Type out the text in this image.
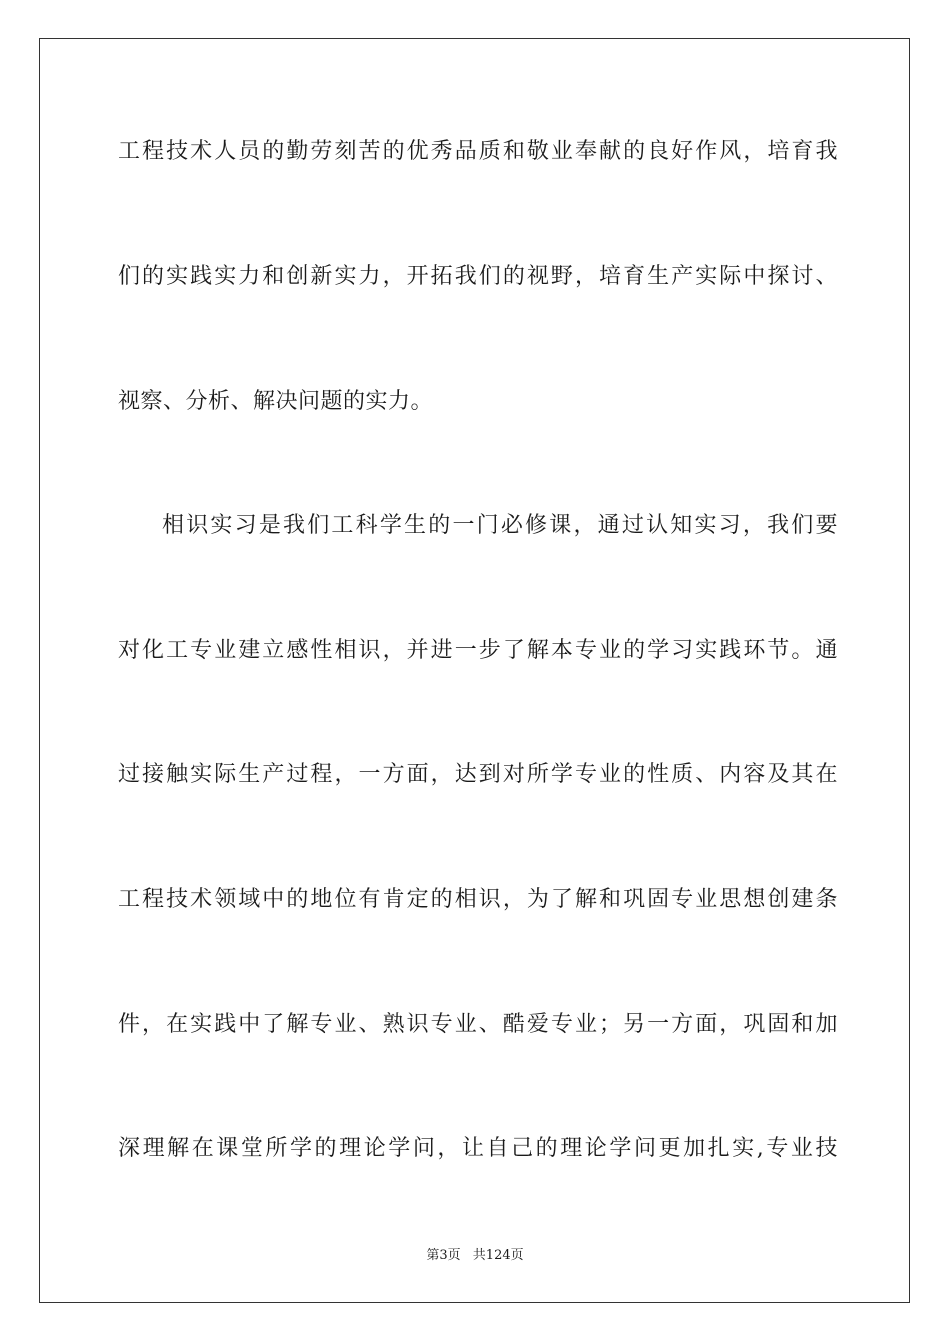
工程技术人员的勤劳刻苦的优秀品质和敬业奉献的良好作风，培育我
们的实践实力和创新实力，开拓我们的视野，培育生产实际中探讨、
视察、分析、解决问题的实力。
相识实习是我们工科学生的一门必修课，通过认知实习，我们要
对化工专业建立感性相识，并进一步了解本专业的学习实践环节。通
过接触实际生产过程，一方面，达到对所学专业的性质、内容及其在
工程技术领域中的地位有肯定的相识，为了解和巩固专业思想创建条
件，在实践中了解专业、熟识专业、酷爱专业；另一方面，巩固和加
深理解在课堂所学的理论学问，让自己的理论学问更加扎实,专业技
第3页 共124页
